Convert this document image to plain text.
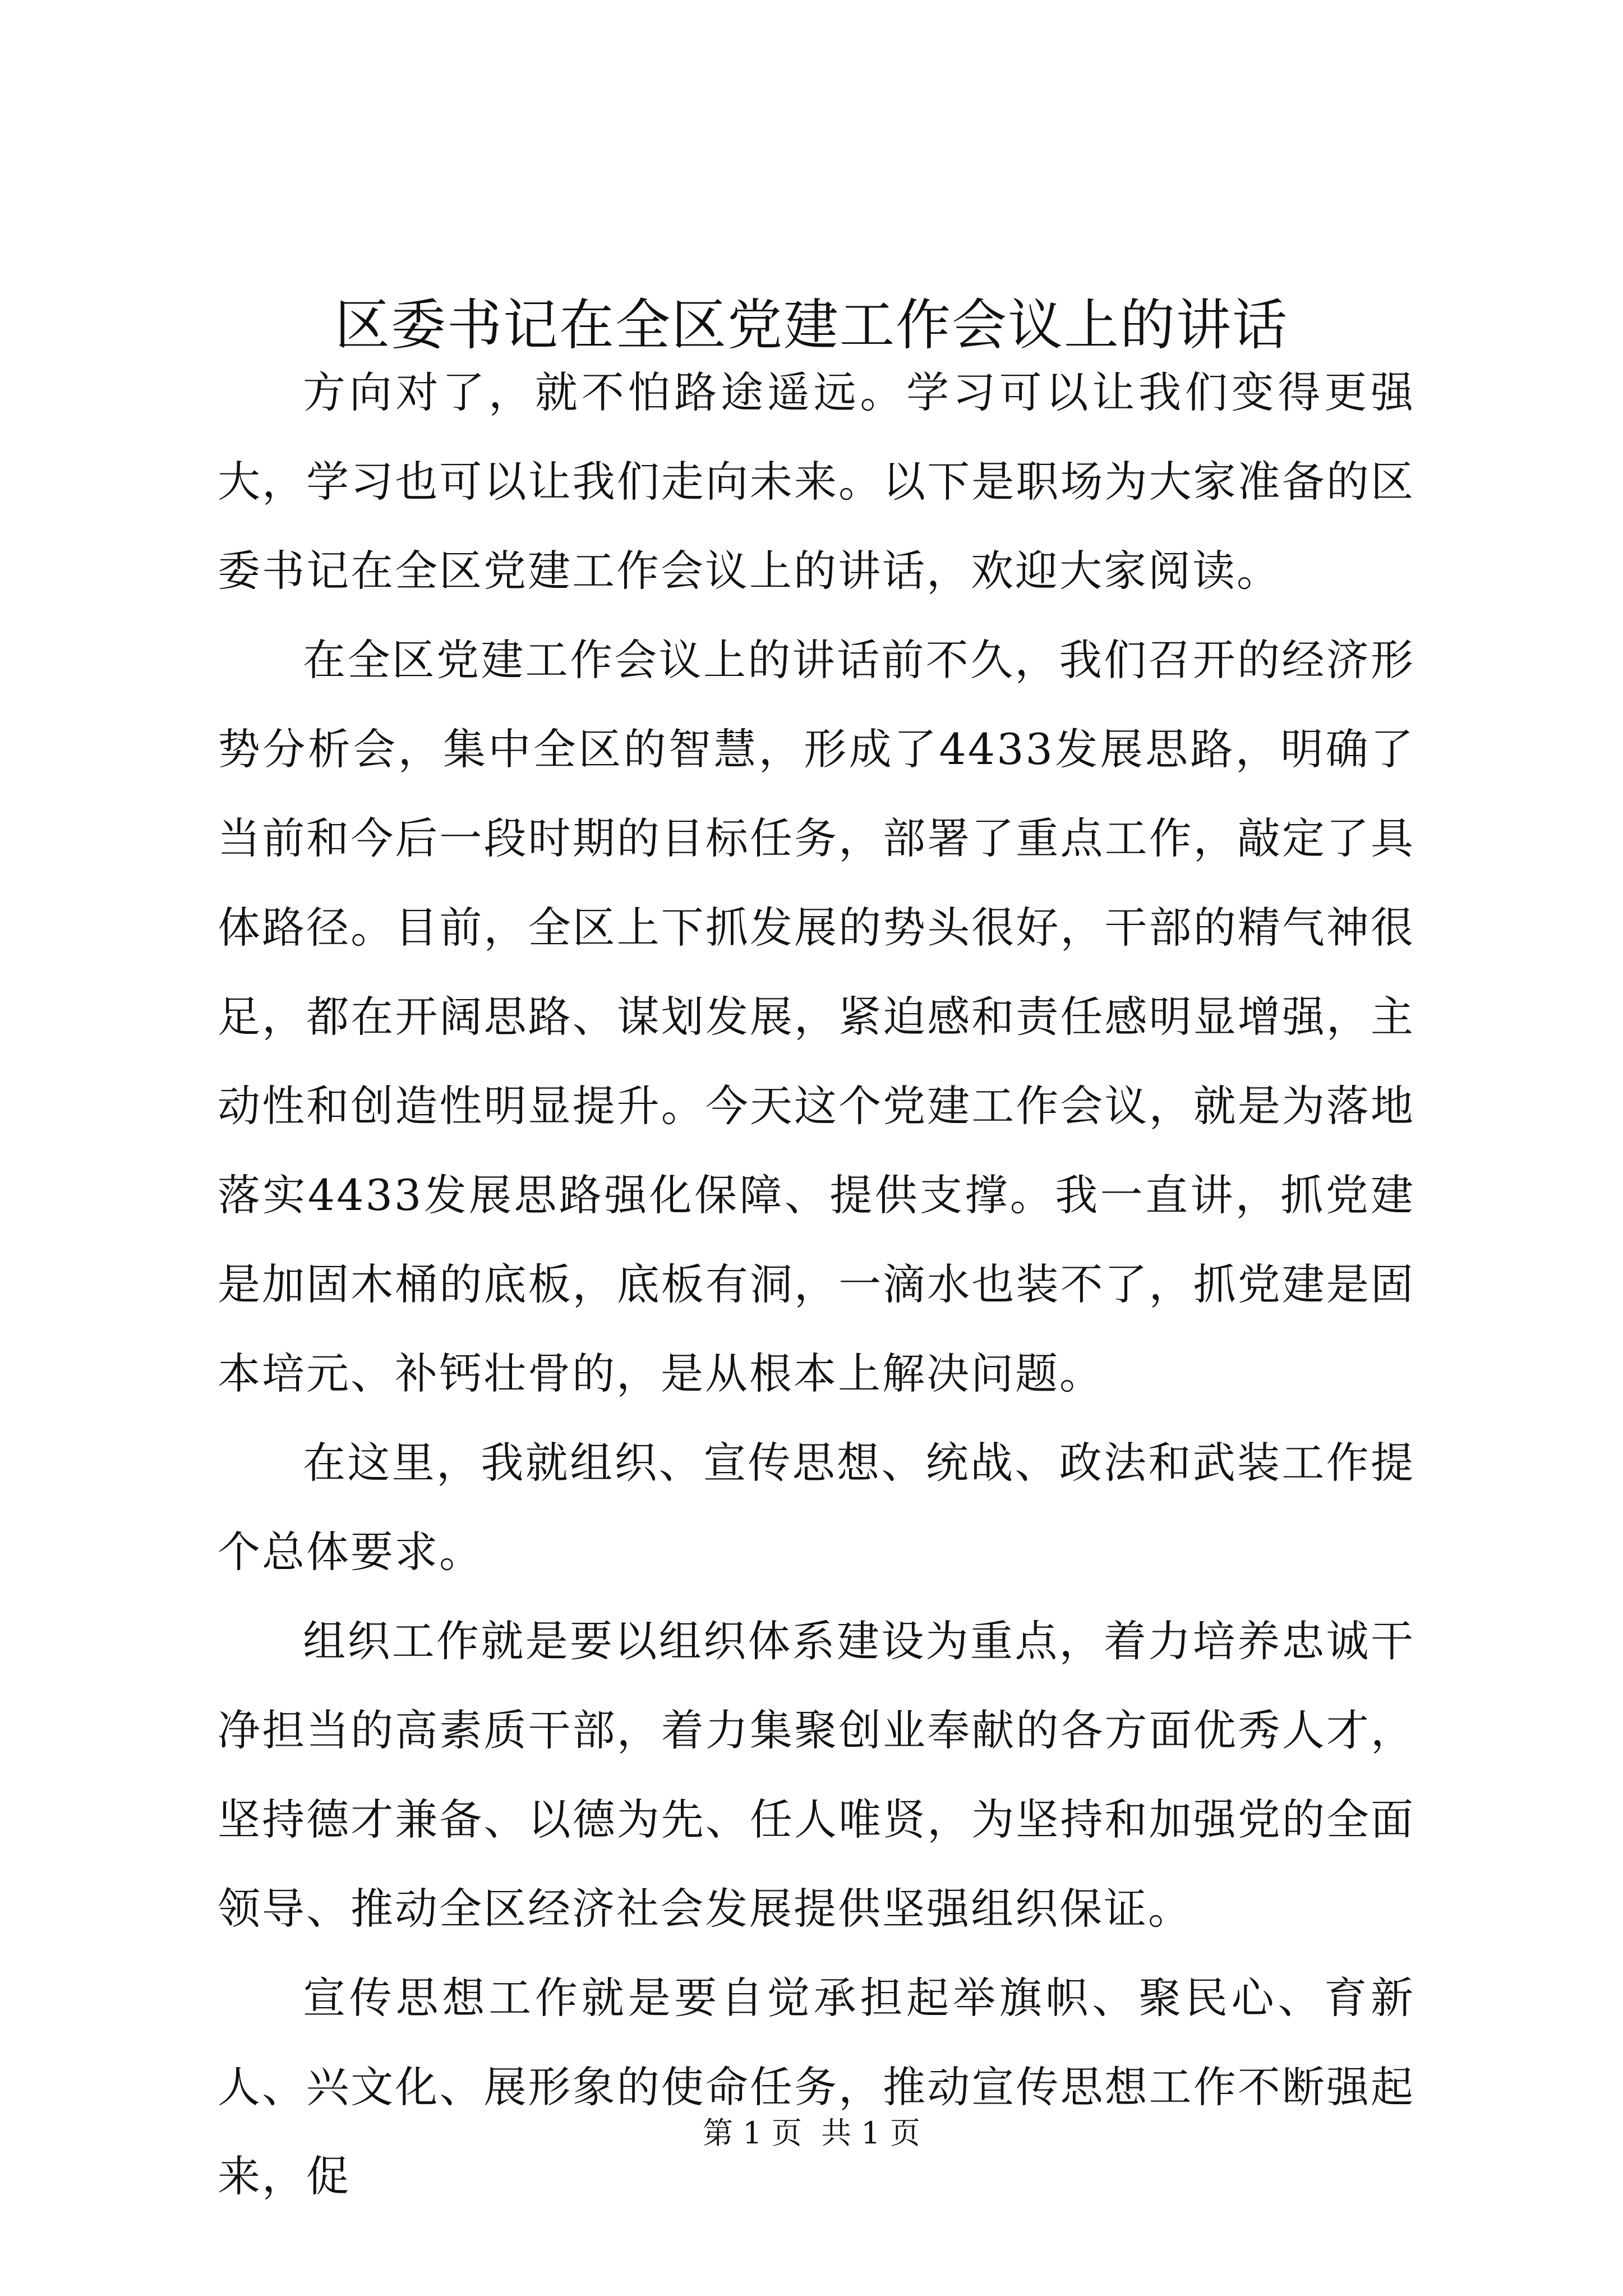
区委书记在全区党建工作会议上的讲话

方向对了，就不怕路途遥远。学习可以让我们变得更强大，学习也可以让我们走向未来。以下是职场为大家准备的区委书记在全区党建工作会议上的讲话，欢迎大家阅读。

在全区党建工作会议上的讲话前不久，我们召开的经济形势分析会，集中全区的智慧，形成了4433发展思路，明确了当前和今后一段时期的目标任务，部署了重点工作，敲定了具体路径。目前，全区上下抓发展的势头很好，干部的精气神很足，都在开阔思路、谋划发展，紧迫感和责任感明显增强，主动性和创造性明显提升。今天这个党建工作会议，就是为落地落实4433发展思路强化保障、提供支撑。我一直讲，抓党建是加固木桶的底板，底板有洞，一滴水也装不了，抓党建是固本培元、补钙壮骨的，是从根本上解决问题。

在这里，我就组织、宣传思想、统战、政法和武装工作提个总体要求。

组织工作就是要以组织体系建设为重点，着力培养忠诚干净担当的高素质干部，着力集聚创业奉献的各方面优秀人才，坚持德才兼备、以德为先、任人唯贤，为坚持和加强党的全面领导、推动全区经济社会发展提供坚强组织保证。

宣传思想工作就是要自觉承担起举旗帜、聚民心、育新人、兴文化、展形象的使命任务，推动宣传思想工作不断强起来，促

第 1 页  共 1 页
